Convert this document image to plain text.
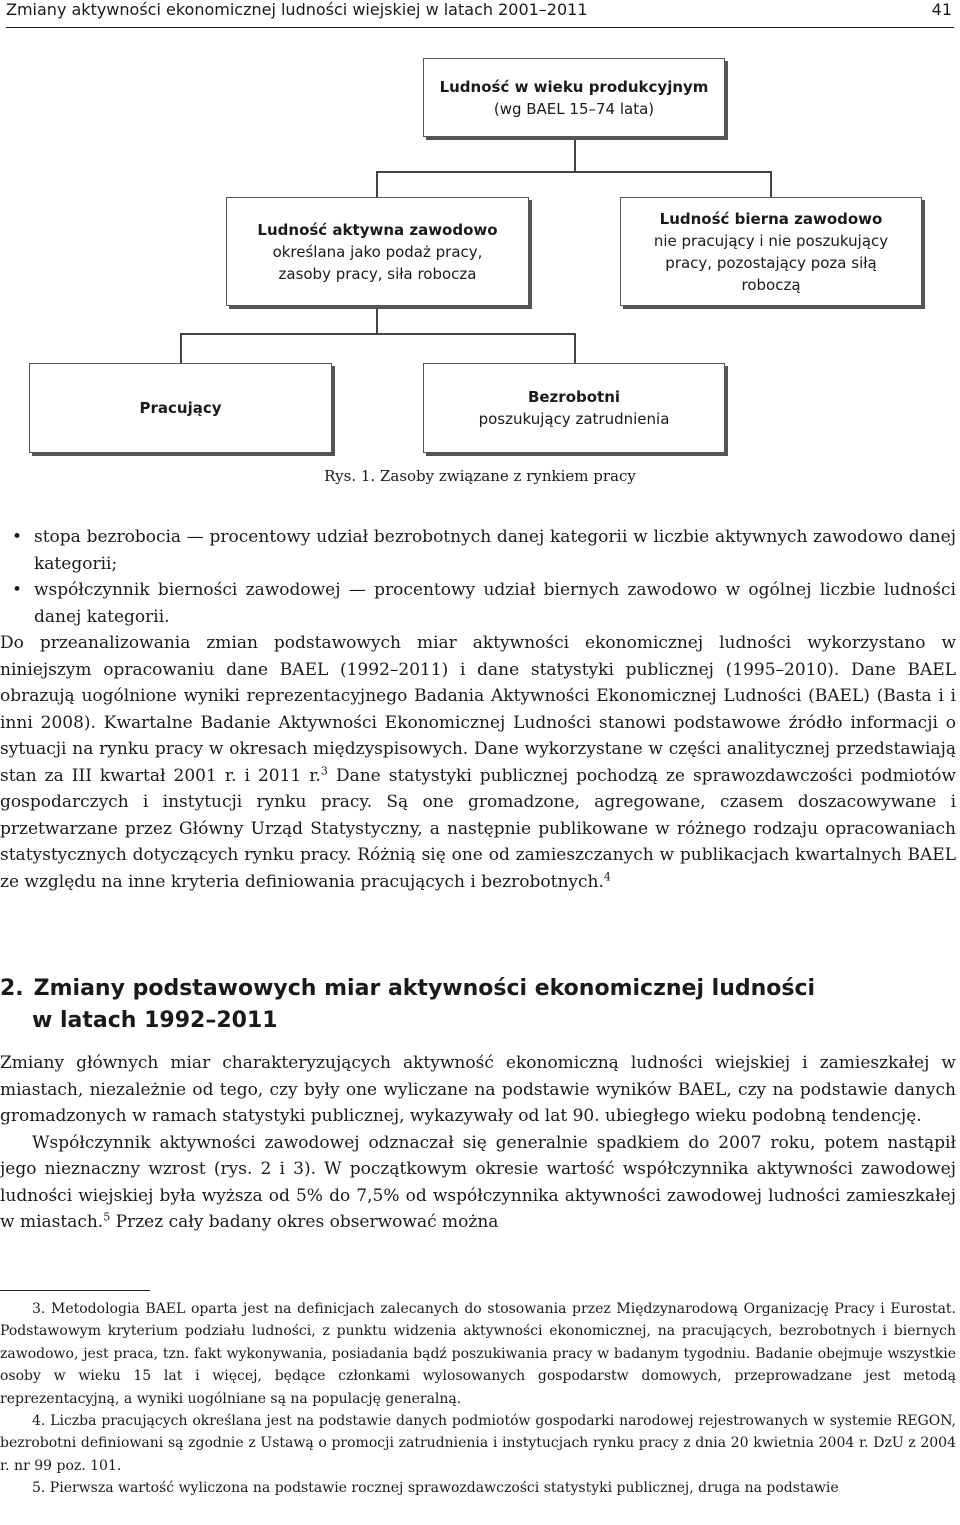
Zmiany aktywności ekonomicznej ludności wiejskiej w latach 2001–2011	41
Ludność w wieku produkcyjnym
(wg BAEL 15–74 lata)
Ludność aktywna zawodowo
określana jako podaż pracy,
zasoby pracy, siła robocza
Ludność bierna zawodowo
nie pracujący i nie poszukujący
pracy, pozostający poza siłą
roboczą
Pracujący
Bezrobotni
poszukujący zatrudnienia
Rys. 1. Zasoby związane z rynkiem pracy
• stopa bezrobocia — procentowy udział bezrobotnych danej kategorii w liczbie aktywnych zawodowo danej kategorii;
• współczynnik bierności zawodowej — procentowy udział biernych zawodowo w ogólnej liczbie ludności danej kategorii.

Do przeanalizowania zmian podstawowych miar aktywności ekonomicznej ludności wykorzystano w niniejszym opracowaniu dane BAEL (1992–2011) i dane statystyki publicznej (1995–2010). Dane BAEL obrazują uogólnione wyniki reprezentacyjnego Badania Aktywności Ekonomicznej Ludności (BAEL) (Basta i i inni 2008). Kwartalne Badanie Aktywności Ekonomicznej Ludności stanowi podstawowe źródło informacji o sytuacji na rynku pracy w okresach międzyspisowych. Dane wykorzystane w części analitycznej przedstawiają stan za III kwartał 2001 r. i 2011 r.$^3$ Dane statystyki publicznej pochodzą ze sprawozdawczości podmiotów gospodarczych i instytucji rynku pracy. Są one gromadzone, agregowane, czasem doszacowywane i przetwarzane przez Główny Urząd Statystyczny, a następnie publikowane w różnego rodzaju opracowaniach statystycznych dotyczących rynku pracy. Różnią się one od zamieszczanych w publikacjach kwartalnych BAEL ze względu na inne kryteria definiowania pracujących i bezrobotnych.$^4$

2. Zmiany podstawowych miar aktywności ekonomicznej ludności
w latach 1992–2011

Zmiany głównych miar charakteryzujących aktywność ekonomiczną ludności wiejskiej i zamieszkałej w miastach, niezależnie od tego, czy były one wyliczane na podstawie wyników BAEL, czy na podstawie danych gromadzonych w ramach statystyki publicznej, wykazywały od lat 90. ubiegłego wieku podobną tendencję.

Współczynnik aktywności zawodowej odznaczał się generalnie spadkiem do 2007 roku, potem nastąpił jego nieznaczny wzrost (rys. 2 i 3). W początkowym okresie wartość współczynnika aktywności zawodowej ludności wiejskiej była wyższa od 5% do 7,5% od współczynnika aktywności zawodowej ludności zamieszkałej w miastach.$^5$ Przez cały badany okres obserwować można

3. Metodologia BAEL oparta jest na definicjach zalecanych do stosowania przez Międzynarodową Organizację Pracy i Eurostat. Podstawowym kryterium podziału ludności, z punktu widzenia aktywności ekonomicznej, na pracujących, bezrobotnych i biernych zawodowo, jest praca, tzn. fakt wykonywania, posiadania bądź poszukiwania pracy w badanym tygodniu. Badanie obejmuje wszystkie osoby w wieku 15 lat i więcej, będące członkami wylosowanych gospodarstw domowych, przeprowadzane jest metodą reprezentacyjną, a wyniki uogólniane są na populację generalną.

4. Liczba pracujących określana jest na podstawie danych podmiotów gospodarki narodowej rejestrowanych w systemie REGON, bezrobotni definiowani są zgodnie z Ustawą o promocji zatrudnienia i instytucjach rynku pracy z dnia 20 kwietnia 2004 r. DzU z 2004 r. nr 99 poz. 101.

5. Pierwsza wartość wyliczona na podstawie rocznej sprawozdawczości statystyki publicznej, druga na podstawie
